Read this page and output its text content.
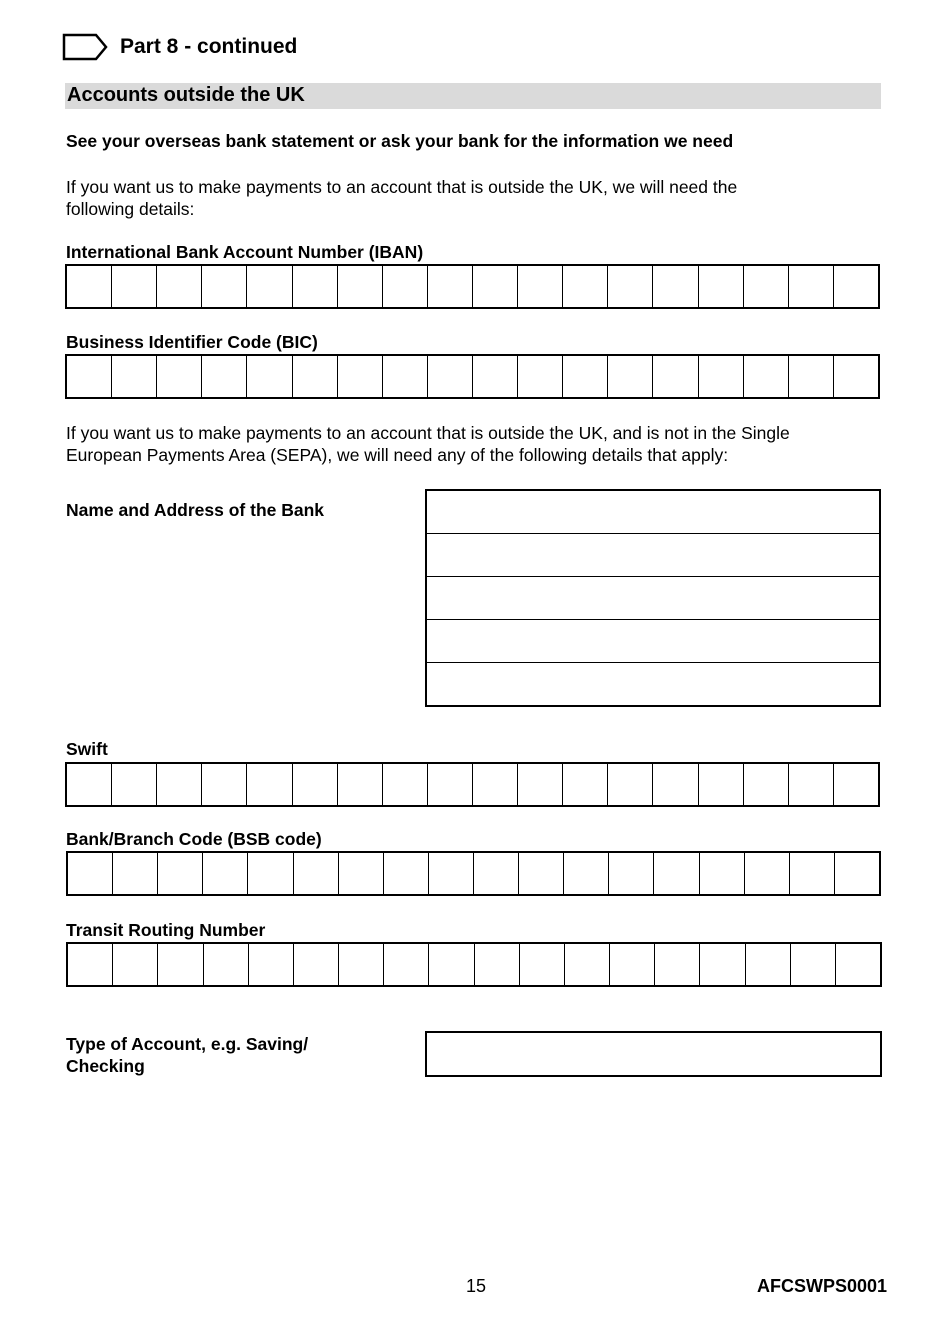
Part 8 - continued
Accounts outside the UK
See your overseas bank statement or ask your bank for the information we need
If you want us to make payments to an account that is outside the UK, we will need the
following details:
International Bank Account Number (IBAN)
Business Identifier Code (BIC)
If you want us to make payments to an account that is outside the UK, and is not in the Single
European Payments Area (SEPA), we will need any of the following details that apply:
Name and Address of the Bank
Swift
Bank/Branch Code (BSB code)
Transit Routing Number
Type of Account, e.g. Saving/
Checking
15	AFCSWPS0001
